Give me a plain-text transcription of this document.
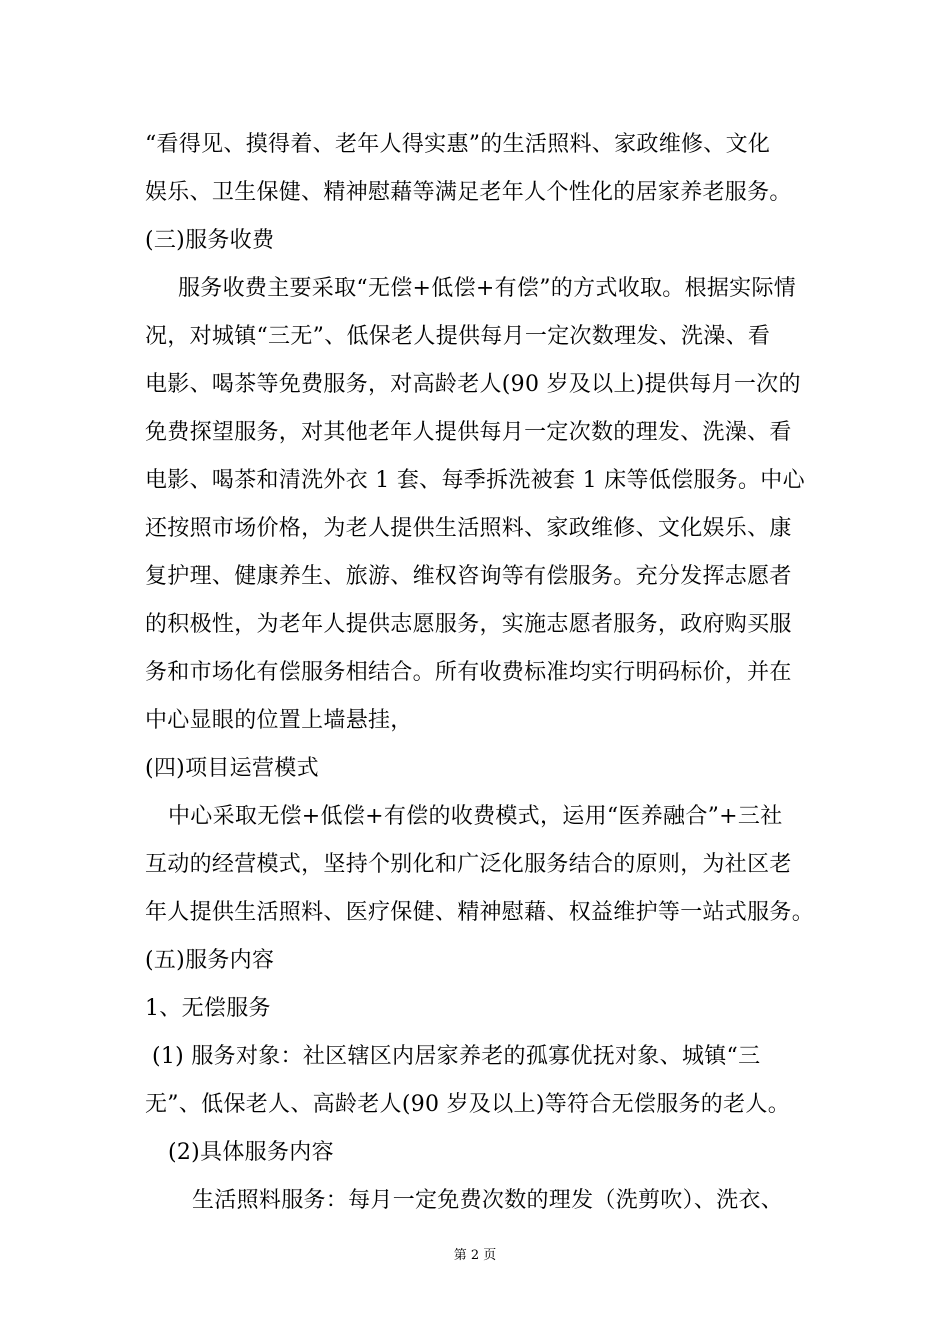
“看得见、摸得着、老年人得实惠”的生活照料、家政维修、文化
娱乐、卫生保健、精神慰藉等满足老年人个性化的居家养老服务。
(三)服务收费
服务收费主要采取“无偿+低偿+有偿”的方式收取。根据实际情
况，对城镇“三无”、低保老人提供每月一定次数理发、洗澡、看
电影、喝茶等免费服务，对高龄老人(90 岁及以上)提供每月一次的
免费探望服务，对其他老年人提供每月一定次数的理发、洗澡、看
电影、喝茶和清洗外衣 1 套、每季拆洗被套 1 床等低偿服务。中心
还按照市场价格，为老人提供生活照料、家政维修、文化娱乐、康
复护理、健康养生、旅游、维权咨询等有偿服务。充分发挥志愿者
的积极性，为老年人提供志愿服务，实施志愿者服务，政府购买服
务和市场化有偿服务相结合。所有收费标准均实行明码标价，并在
中心显眼的位置上墙悬挂，
(四)项目运营模式
中心采取无偿+低偿+有偿的收费模式，运用“医养融合”+三社
互动的经营模式，坚持个别化和广泛化服务结合的原则，为社区老
年人提供生活照料、医疗保健、精神慰藉、权益维护等一站式服务。
(五)服务内容
1、无偿服务
(1) 服务对象：社区辖区内居家养老的孤寡优抚对象、城镇“三
无”、低保老人、高龄老人(90 岁及以上)等符合无偿服务的老人。
(2)具体服务内容
生活照料服务：每月一定免费次数的理发（洗剪吹）、洗衣、
第 2 页
